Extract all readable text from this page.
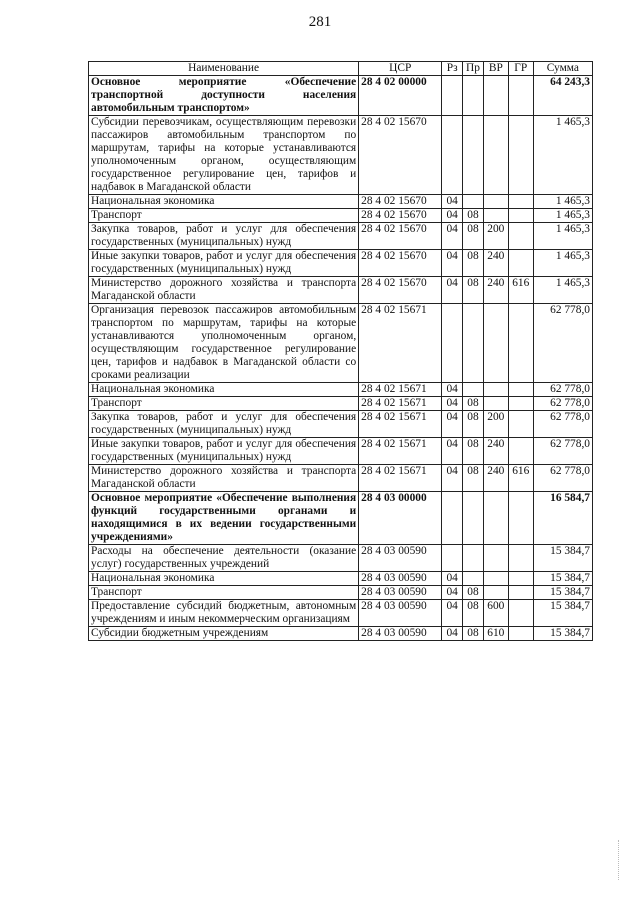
281
Наименование	ЦСР	Рз	Пр	ВР	ГР	Сумма
Основное мероприятие «Обеспечение транспортной доступности населения автомобильным транспортом»	28 4 02 00000					64 243,3
Субсидии перевозчикам, осуществляющим перевозки пассажиров автомобильным транспортом по маршрутам, тарифы на которые устанавливаются уполномоченным органом, осуществляющим государственное регулирование цен, тарифов и надбавок в Магаданской области	28 4 02 15670					1 465,3
Национальная экономика	28 4 02 15670	04				1 465,3
Транспорт	28 4 02 15670	04	08			1 465,3
Закупка товаров, работ и услуг для обеспечения государственных (муниципальных) нужд	28 4 02 15670	04	08	200		1 465,3
Иные закупки товаров, работ и услуг для обеспечения государственных (муниципальных) нужд	28 4 02 15670	04	08	240		1 465,3
Министерство дорожного хозяйства и транспорта Магаданской области	28 4 02 15670	04	08	240	616	1 465,3
Организация перевозок пассажиров автомобильным транспортом по маршрутам, тарифы на которые устанавливаются уполномоченным органом, осуществляющим государственное регулирование цен, тарифов и надбавок в Магаданской области со сроками реализации	28 4 02 15671					62 778,0
Национальная экономика	28 4 02 15671	04				62 778,0
Транспорт	28 4 02 15671	04	08			62 778,0
Закупка товаров, работ и услуг для обеспечения государственных (муниципальных) нужд	28 4 02 15671	04	08	200		62 778,0
Иные закупки товаров, работ и услуг для обеспечения государственных (муниципальных) нужд	28 4 02 15671	04	08	240		62 778,0
Министерство дорожного хозяйства и транспорта Магаданской области	28 4 02 15671	04	08	240	616	62 778,0
Основное мероприятие «Обеспечение выполнения функций государственными органами и находящимися в их ведении государственными учреждениями»	28 4 03 00000					16 584,7
Расходы на обеспечение деятельности (оказание услуг) государственных учреждений	28 4 03 00590					15 384,7
Национальная экономика	28 4 03 00590	04				15 384,7
Транспорт	28 4 03 00590	04	08			15 384,7
Предоставление субсидий бюджетным, автономным учреждениям и иным некоммерческим организациям	28 4 03 00590	04	08	600		15 384,7
Субсидии бюджетным учреждениям	28 4 03 00590	04	08	610		15 384,7
